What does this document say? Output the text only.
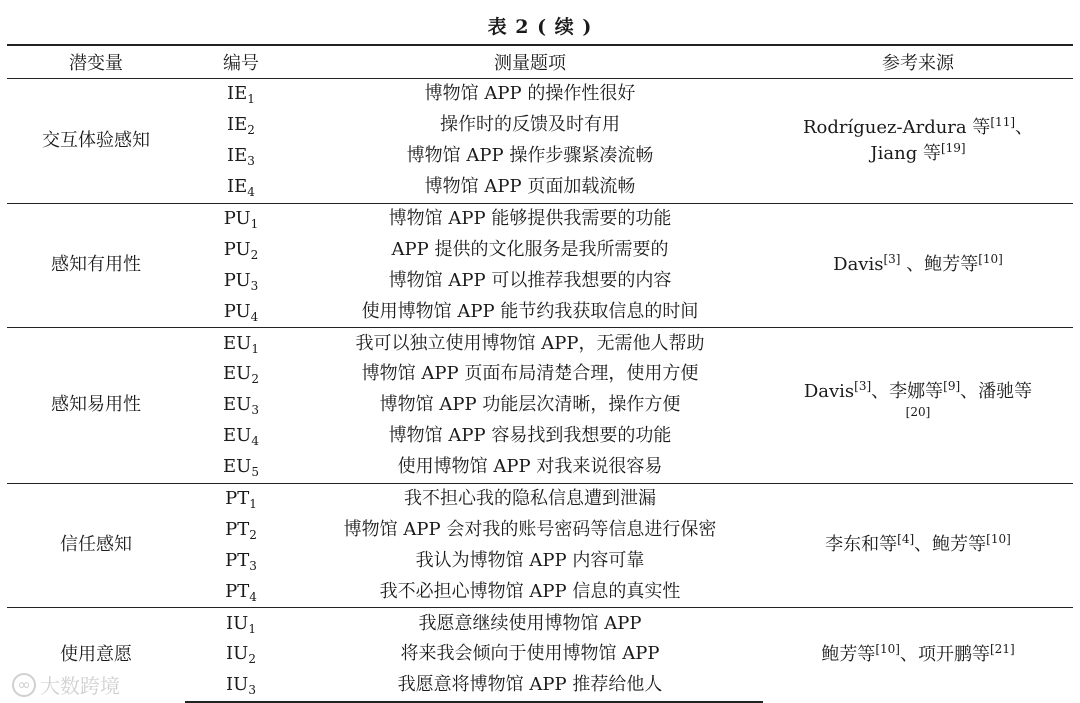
表 2 ( 续 )
潜变量	编号	测量题项	参考来源
交互体验感知	$IE_1$	博物馆 APP 的操作性很好	Rodríguez-Ardura 等[11]、 Jiang 等[19]
	$IE_2$	操作时的反馈及时有用	
	$IE_3$	博物馆 APP 操作步骤紧凑流畅	
	$IE_4$	博物馆 APP 页面加载流畅	
感知有用性	$PU_1$	博物馆 APP 能够提供我需要的功能	Davis[3] 、鲍芳等[10]
	$PU_2$	APP 提供的文化服务是我所需要的	
	$PU_3$	博物馆 APP 可以推荐我想要的内容	
	$PU_4$	使用博物馆 APP 能节约我获取信息的时间	
感知易用性	$EU_1$	我可以独立使用博物馆 APP，无需他人帮助	Davis[3]、李娜等[9]、潘驰等[20]
	$EU_2$	博物馆 APP 页面布局清楚合理，使用方便	
	$EU_3$	博物馆 APP 功能层次清晰，操作方便	
	$EU_4$	博物馆 APP 容易找到我想要的功能	
	$EU_5$	使用博物馆 APP 对我来说很容易	
信任感知	$PT_1$	我不担心我的隐私信息遭到泄漏	李东和等[4]、鲍芳等[10]
	$PT_2$	博物馆 APP 会对我的账号密码等信息进行保密	
	$PT_3$	我认为博物馆 APP 内容可靠	
	$PT_4$	我不必担心博物馆 APP 信息的真实性	
使用意愿	$IU_1$	我愿意继续使用博物馆 APP	鲍芳等[10]、项开鹏等[21]
	$IU_2$	将来我会倾向于使用博物馆 APP	
	$IU_3$	我愿意将博物馆 APP 推荐给他人	
∞ 大数跨境
